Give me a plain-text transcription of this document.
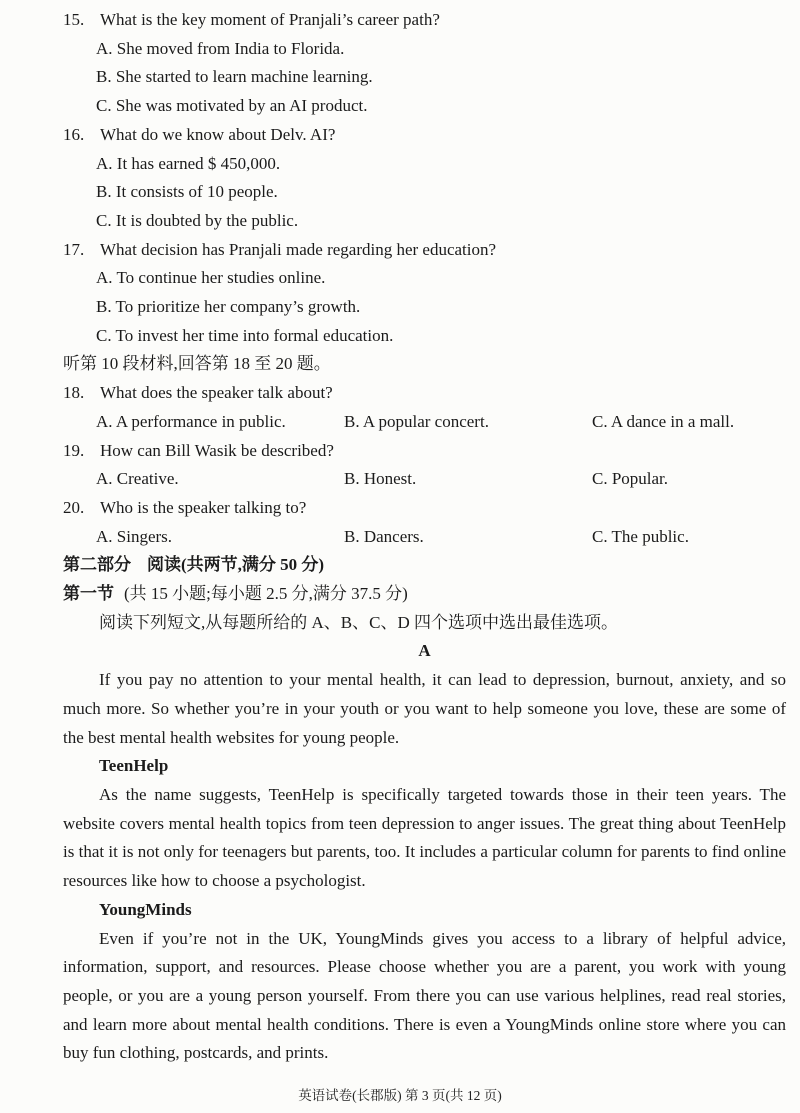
15. What is the key moment of Pranjali’s career path?

A. She moved from India to Florida.

B. She started to learn machine learning.

C. She was motivated by an AI product.

16. What do we know about Delv. AI?

A. It has earned $ 450,000.

B. It consists of 10 people.

C. It is doubted by the public.

17. What decision has Pranjali made regarding her education?

A. To continue her studies online.

B. To prioritize her company’s growth.

C. To invest her time into formal education.

听第 10 段材料,回答第 18 至 20 题。

18. What does the speaker talk about?

A. A performance in public.	B. A popular concert.	C. A dance in a mall.

19. How can Bill Wasik be described?

A. Creative.	B. Honest.	C. Popular.

20. Who is the speaker talking to?

A. Singers.	B. Dancers.	C. The public.

第二部分 阅读(共两节,满分 50 分)

第一节 (共 15 小题;每小题 2.5 分,满分 37.5 分)

阅读下列短文,从每题所给的 A、B、C、D 四个选项中选出最佳选项。

A

If you pay no attention to your mental health, it can lead to depression, burnout, anxiety, and so much more. So whether you’re in your youth or you want to help someone you love, these are some of the best mental health websites for young people.

TeenHelp

As the name suggests, TeenHelp is specifically targeted towards those in their teen years. The website covers mental health topics from teen depression to anger issues. The great thing about TeenHelp is that it is not only for teenagers but parents, too. It includes a particular column for parents to find online resources like how to choose a psychologist.

YoungMinds

Even if you’re not in the UK, YoungMinds gives you access to a library of helpful advice, information, support, and resources. Please choose whether you are a parent, you work with young people, or you are a young person yourself. From there you can use various helplines, read real stories, and learn more about mental health conditions. There is even a YoungMinds online store where you can buy fun clothing, postcards, and prints.

英语试卷(长郡版) 第 3 页(共 12 页)
